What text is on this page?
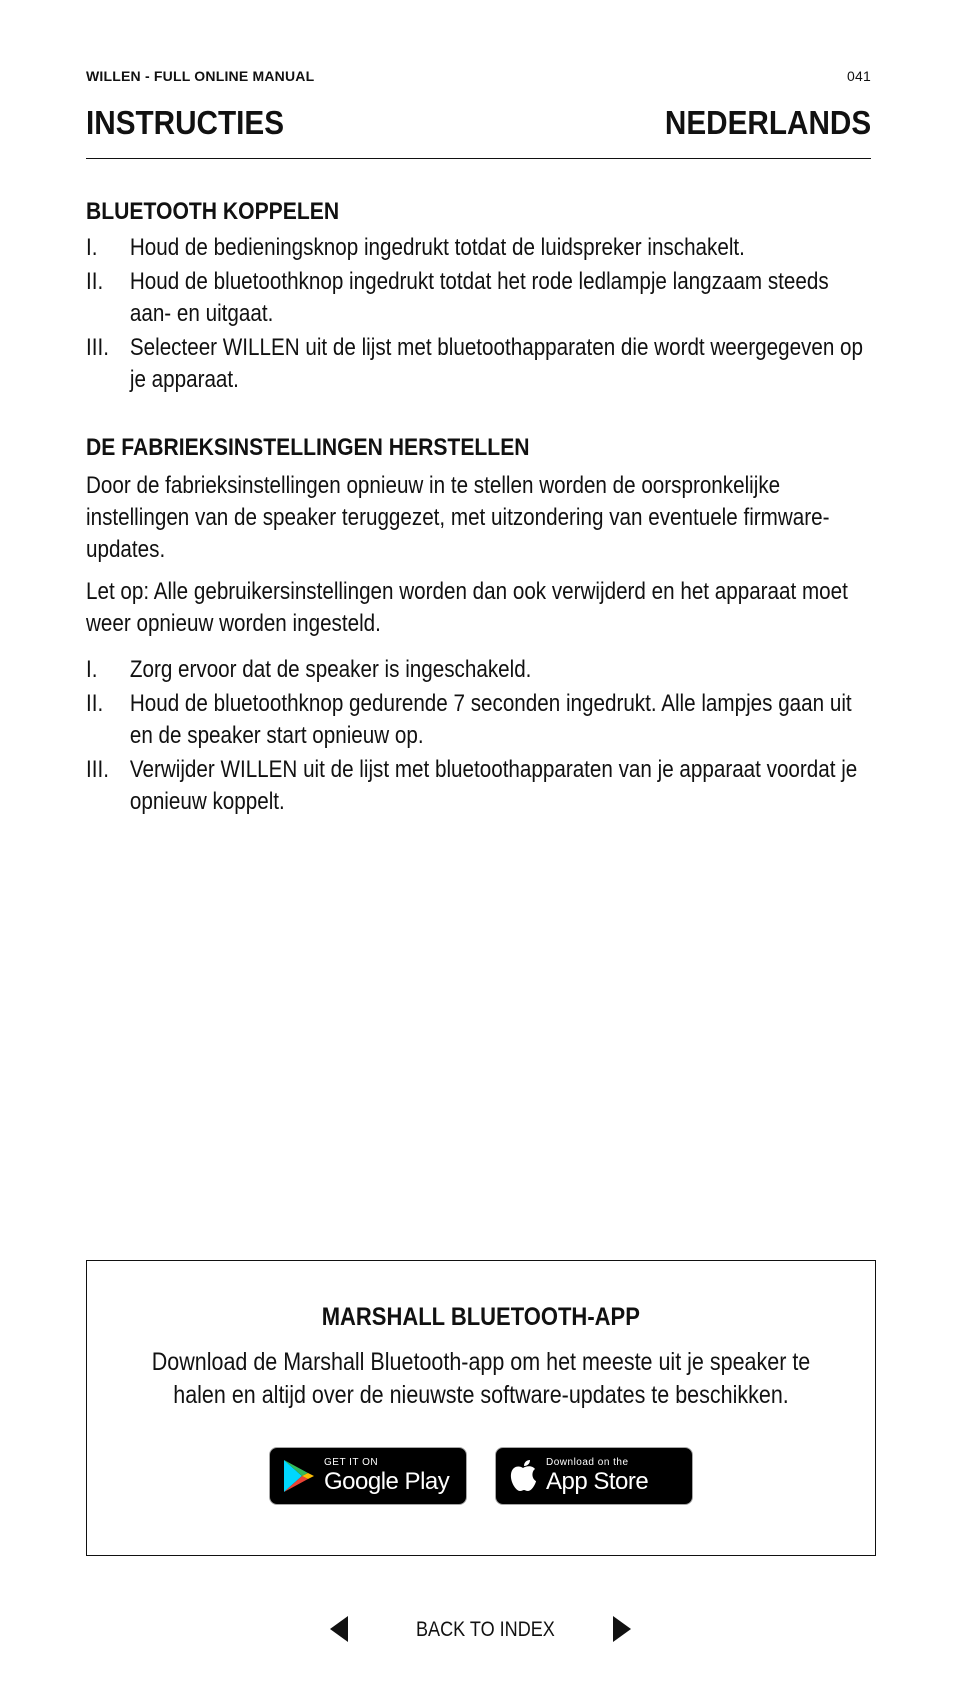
WILLEN - FULL ONLINE MANUAL	041
INSTRUCTIES	NEDERLANDS
BLUETOOTH KOPPELEN
I. Houd de bedieningsknop ingedrukt totdat de luidspreker inschakelt.
II. Houd de bluetoothknop ingedrukt totdat het rode ledlampje langzaam steeds aan- en uitgaat.
III. Selecteer WILLEN uit de lijst met bluetoothapparaten die wordt weergegeven op je apparaat.
DE FABRIEKSINSTELLINGEN HERSTELLEN

Door de fabrieksinstellingen opnieuw in te stellen worden de oorspronkelijke instellingen van de speaker teruggezet, met uitzondering van eventuele firmware-updates.

Let op: Alle gebruikersinstellingen worden dan ook verwijderd en het apparaat moet weer opnieuw worden ingesteld.

I. Zorg ervoor dat de speaker is ingeschakeld.
II. Houd de bluetoothknop gedurende 7 seconden ingedrukt. Alle lampjes gaan uit en de speaker start opnieuw op.
III. Verwijder WILLEN uit de lijst met bluetoothapparaten van je apparaat voordat je opnieuw koppelt.
MARSHALL BLUETOOTH-APP
Download de Marshall Bluetooth-app om het meeste uit je speaker te halen en altijd over de nieuwste software-updates te beschikken.
GET IT ON
Google Play
Download on the
App Store
BACK TO INDEX
